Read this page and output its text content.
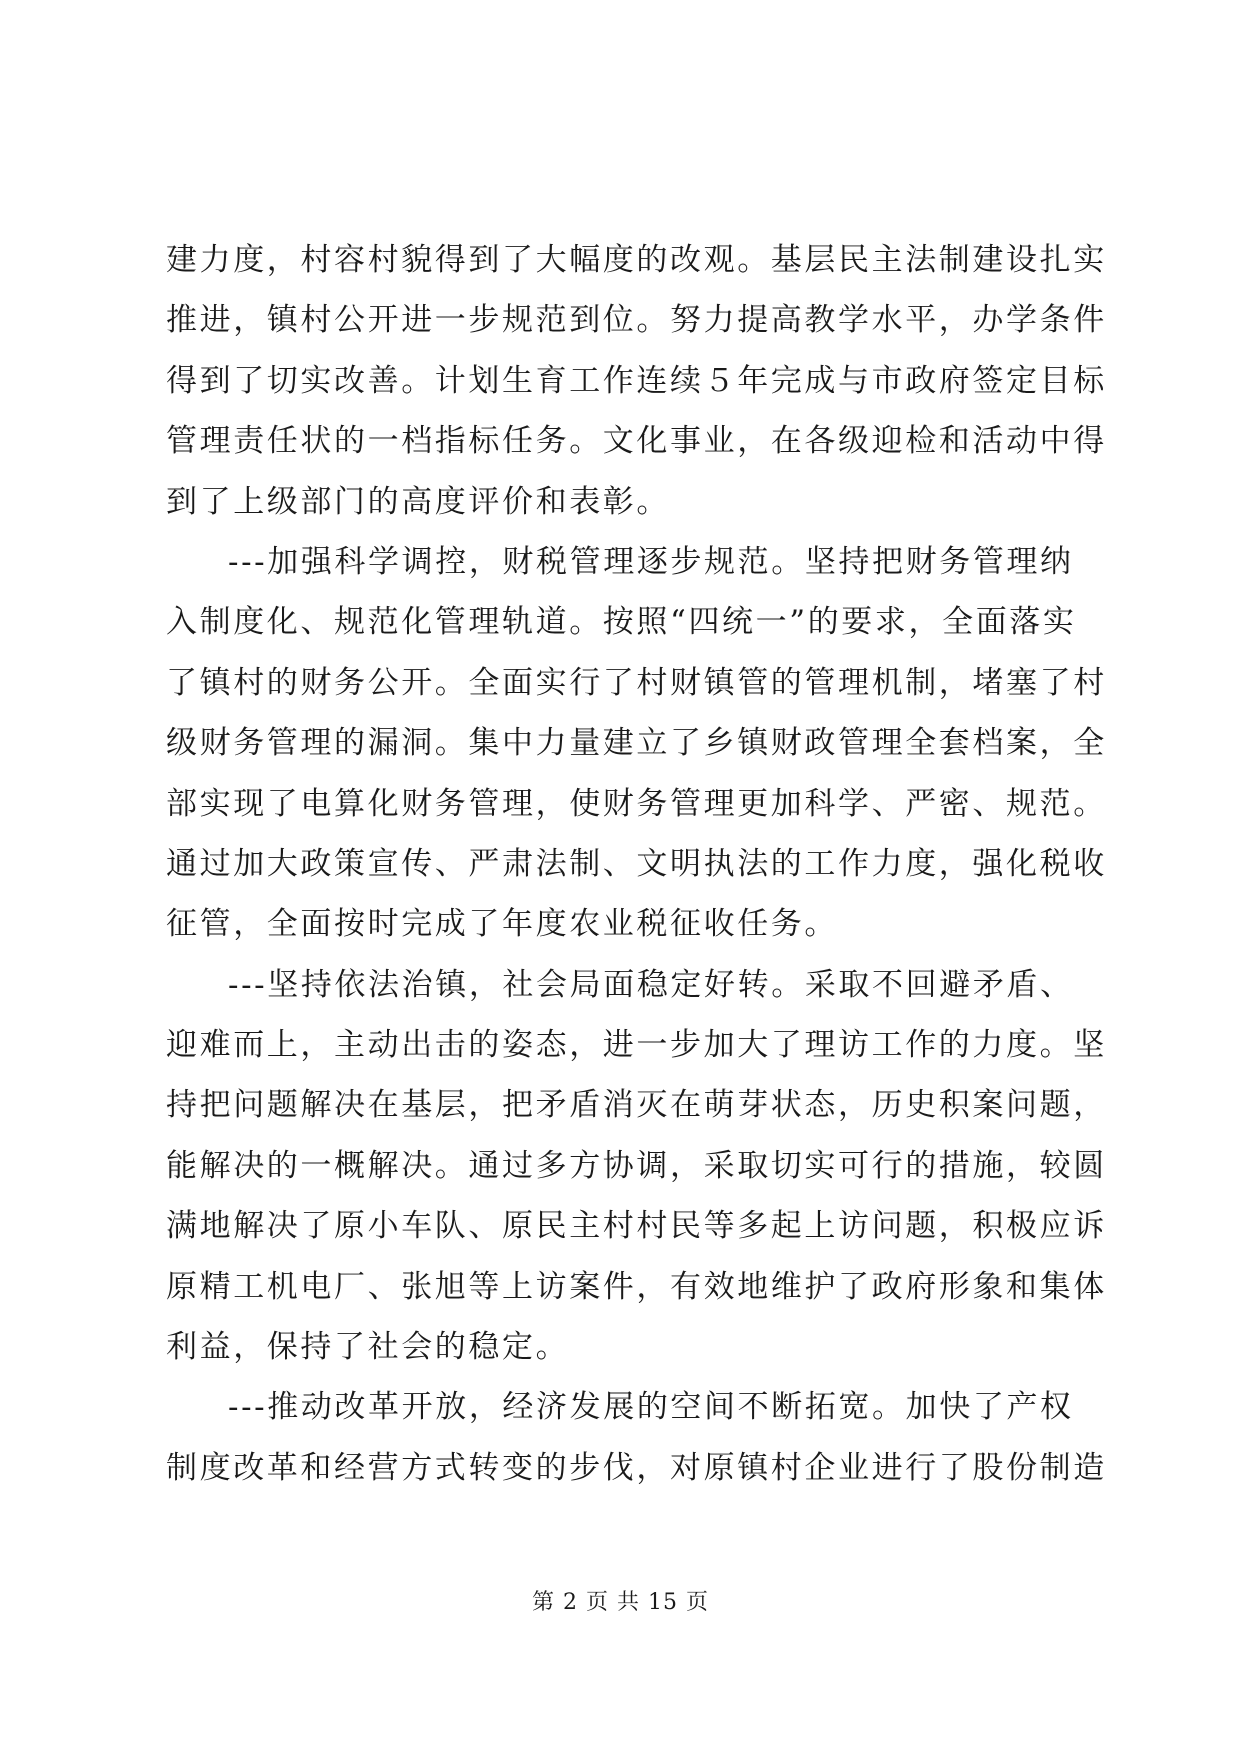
建力度，村容村貌得到了大幅度的改观。基层民主法制建设扎实
推进，镇村公开进一步规范到位。努力提高教学水平，办学条件
得到了切实改善。计划生育工作连续５年完成与市政府签定目标
管理责任状的一档指标任务。文化事业，在各级迎检和活动中得
到了上级部门的高度评价和表彰。
---加强科学调控，财税管理逐步规范。坚持把财务管理纳
入制度化、规范化管理轨道。按照“四统一”的要求，全面落实
了镇村的财务公开。全面实行了村财镇管的管理机制，堵塞了村
级财务管理的漏洞。集中力量建立了乡镇财政管理全套档案，全
部实现了电算化财务管理，使财务管理更加科学、严密、规范。
通过加大政策宣传、严肃法制、文明执法的工作力度，强化税收
征管，全面按时完成了年度农业税征收任务。
---坚持依法治镇，社会局面稳定好转。采取不回避矛盾、
迎难而上，主动出击的姿态，进一步加大了理访工作的力度。坚
持把问题解决在基层，把矛盾消灭在萌芽状态，历史积案问题，
能解决的一概解决。通过多方协调，采取切实可行的措施，较圆
满地解决了原小车队、原民主村村民等多起上访问题，积极应诉
原精工机电厂、张旭等上访案件，有效地维护了政府形象和集体
利益，保持了社会的稳定。
---推动改革开放，经济发展的空间不断拓宽。加快了产权
制度改革和经营方式转变的步伐，对原镇村企业进行了股份制造
第 2 页 共 15 页
